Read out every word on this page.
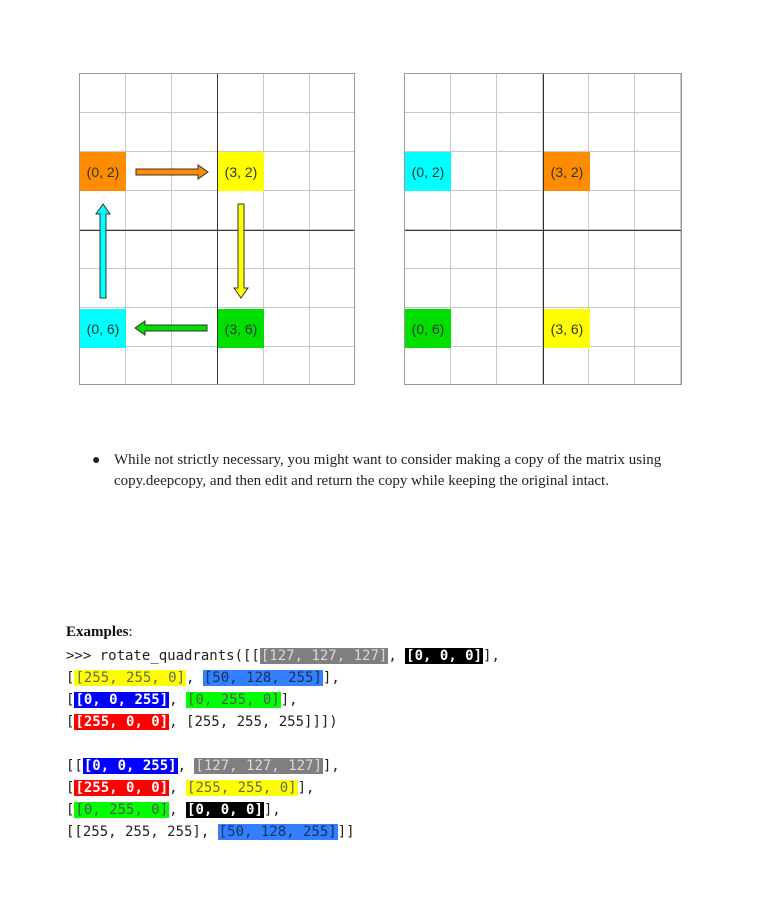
(0, 2)	(3, 2)
(0, 6)	(3, 6)
(0, 2)	(3, 2)
(0, 6)	(3, 6)
● While not strictly necessary, you might want to consider making a copy of the matrix using copy.deepcopy, and then edit and return the copy while keeping the original intact.
Examples:
>>> rotate_quadrants([[[127, 127, 127], [0, 0, 0]],
[[255, 255, 0], [50, 128, 255]],
[[0, 0, 255], [0, 255, 0]],
[[255, 0, 0], [255, 255, 255]]])
[[[0, 0, 255], [127, 127, 127]],
[[255, 0, 0], [255, 255, 0]],
[[0, 255, 0], [0, 0, 0]],
[[255, 255, 255], [50, 128, 255]]]
